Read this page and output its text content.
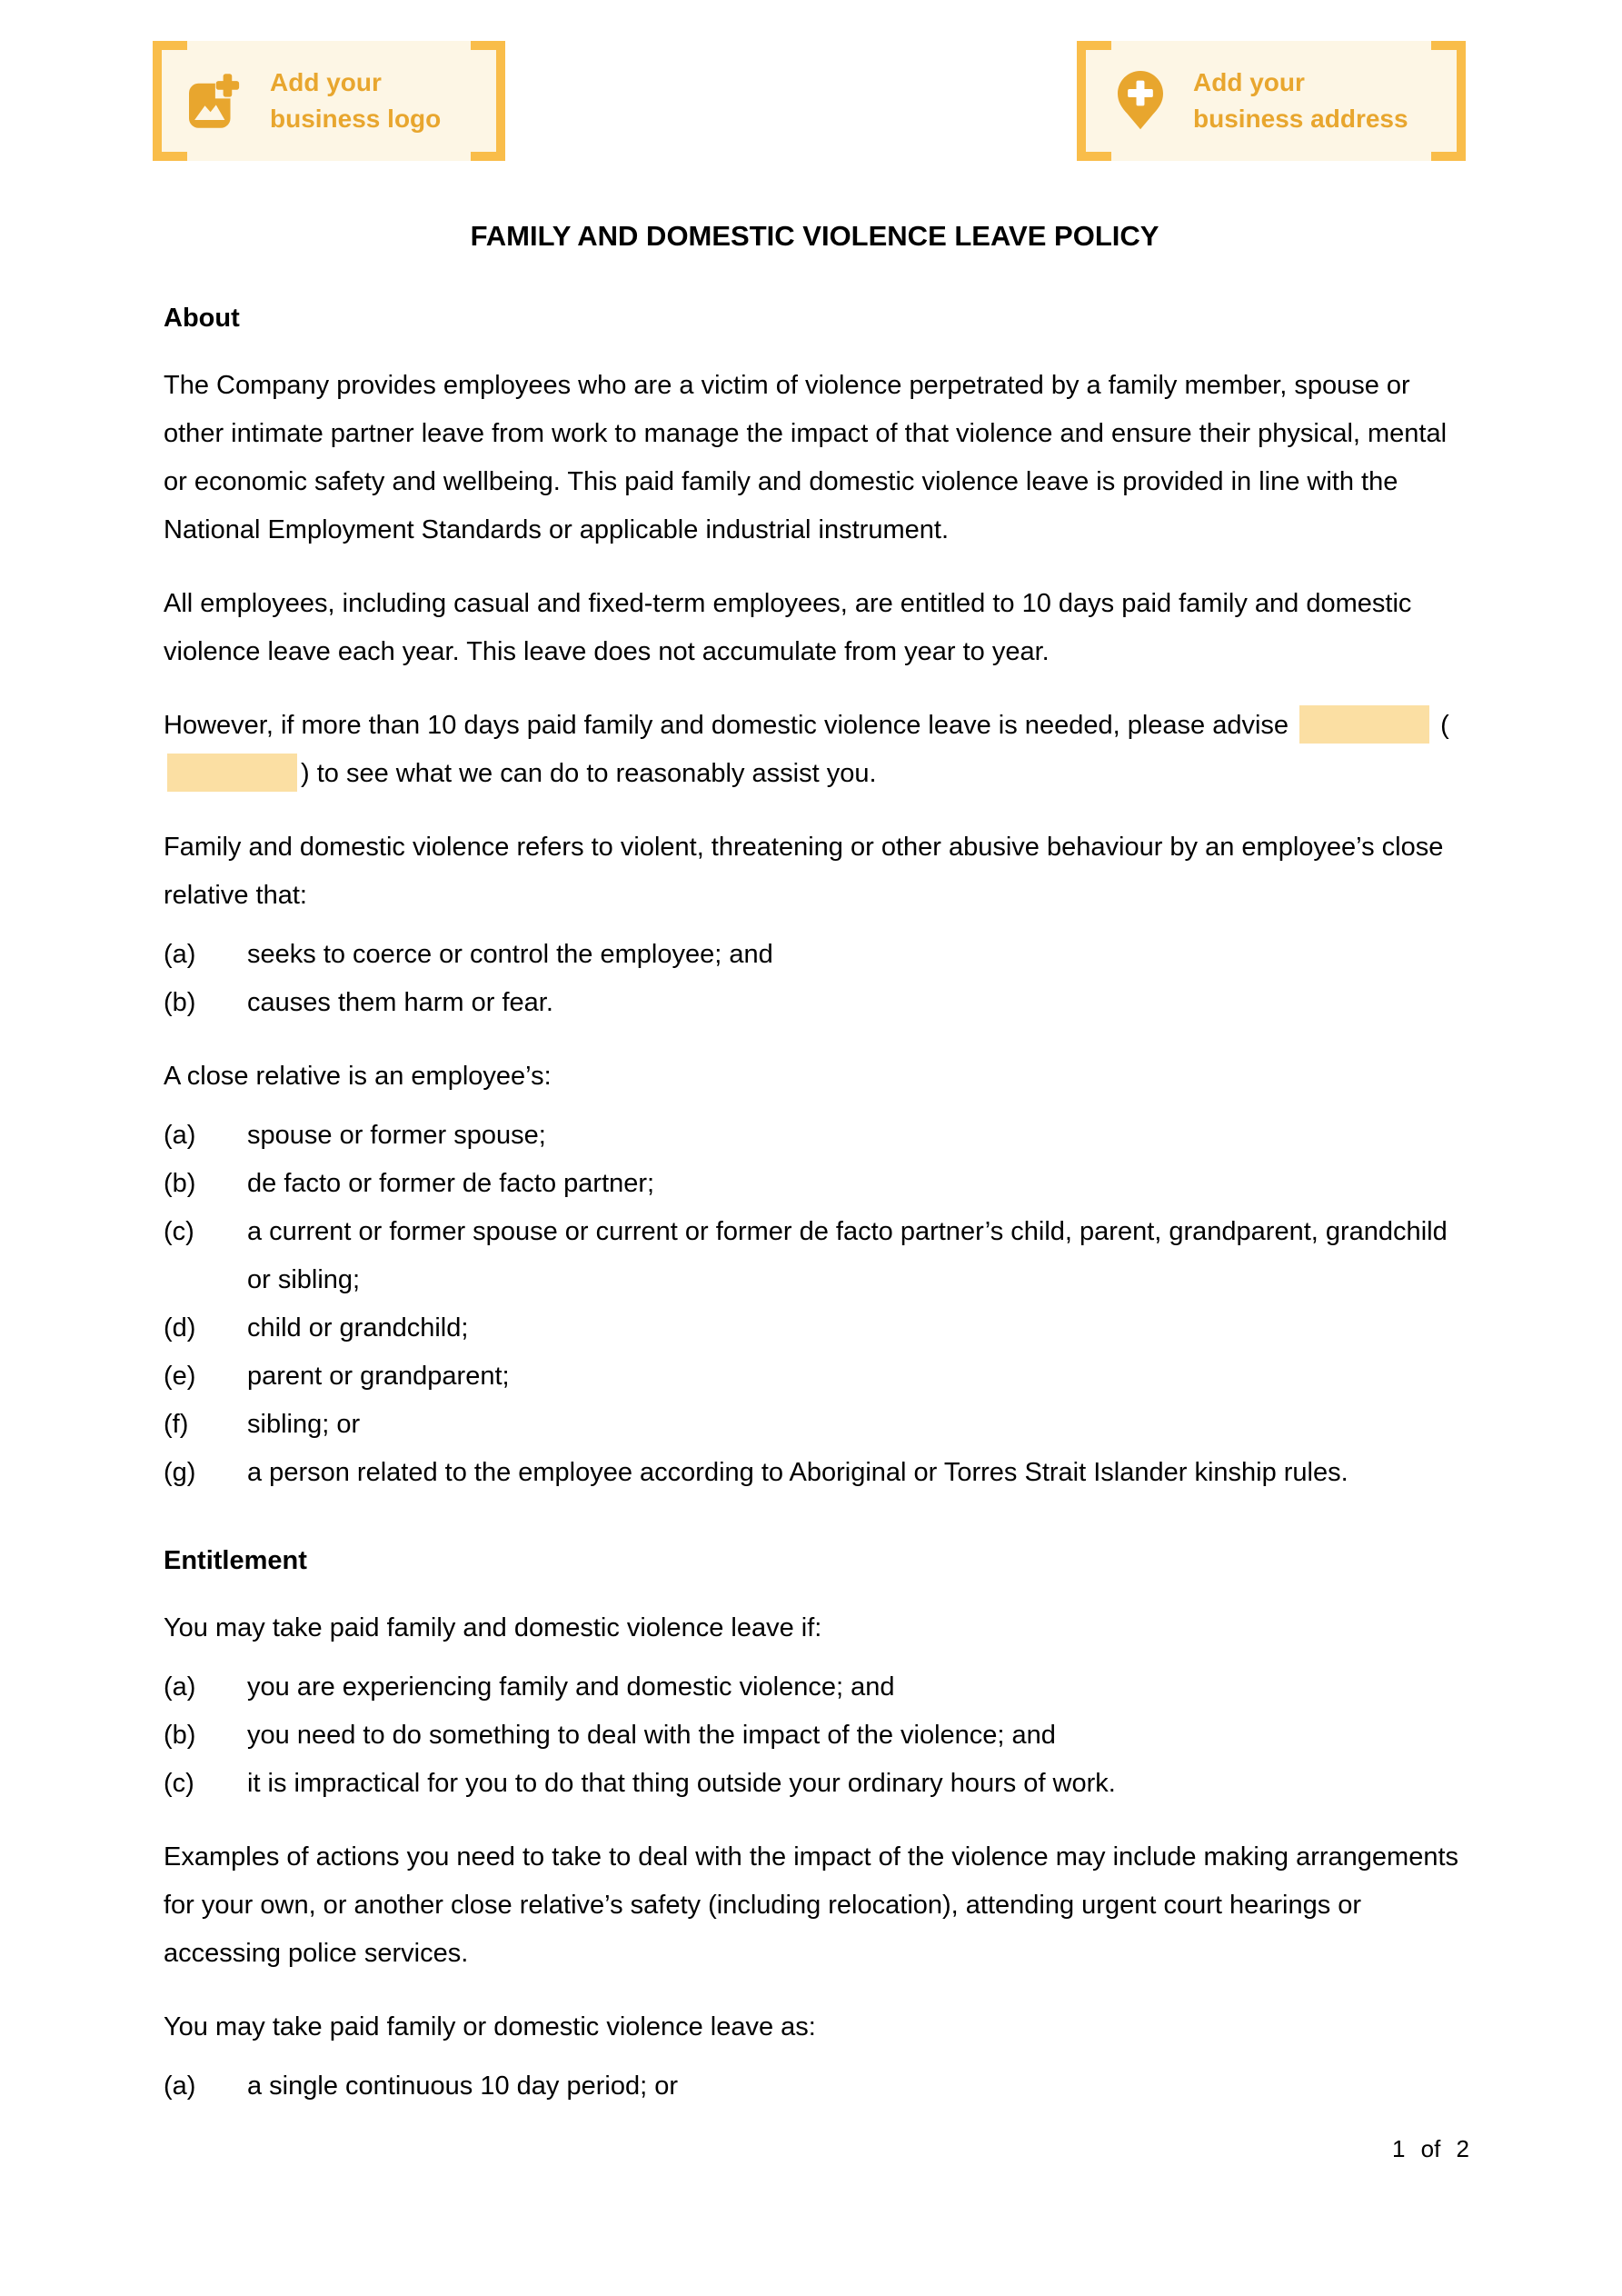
Add your
business logo
Add your
business address
FAMILY AND DOMESTIC VIOLENCE LEAVE POLICY
About

The Company provides employees who are a victim of violence perpetrated by a family member, spouse or other intimate partner leave from work to manage the impact of that violence and ensure their physical, mental or economic safety and wellbeing. This paid family and domestic violence leave is provided in line with the National Employment Standards or applicable industrial instrument.

All employees, including casual and fixed-term employees, are entitled to 10 days paid family and domestic violence leave each year. This leave does not accumulate from year to year.

However, if more than 10 days paid family and domestic violence leave is needed, please advise	() to see what we can do to reasonably assist you.

Family and domestic violence refers to violent, threatening or other abusive behaviour by an employee’s close relative that:

(a)	seeks to coerce or control the employee; and
(b)	causes them harm or fear.

A close relative is an employee’s:

(a)	spouse or former spouse;
(b)	de facto or former de facto partner;
(c)	a current or former spouse or current or former de facto partner’s child, parent, grandparent, grandchild or sibling;
(d)	child or grandchild;
(e)	parent or grandparent;
(f)	sibling; or
(g)	a person related to the employee according to Aboriginal or Torres Strait Islander kinship rules.
Entitlement

You may take paid family and domestic violence leave if:

(a)	you are experiencing family and domestic violence; and
(b)	you need to do something to deal with the impact of the violence; and
(c)	it is impractical for you to do that thing outside your ordinary hours of work.

Examples of actions you need to take to deal with the impact of the violence may include making arrangements for your own, or another close relative’s safety (including relocation), attending urgent court hearings or accessing police services.

You may take paid family or domestic violence leave as:

(a)	a single continuous 10 day period; or
1 of 2
